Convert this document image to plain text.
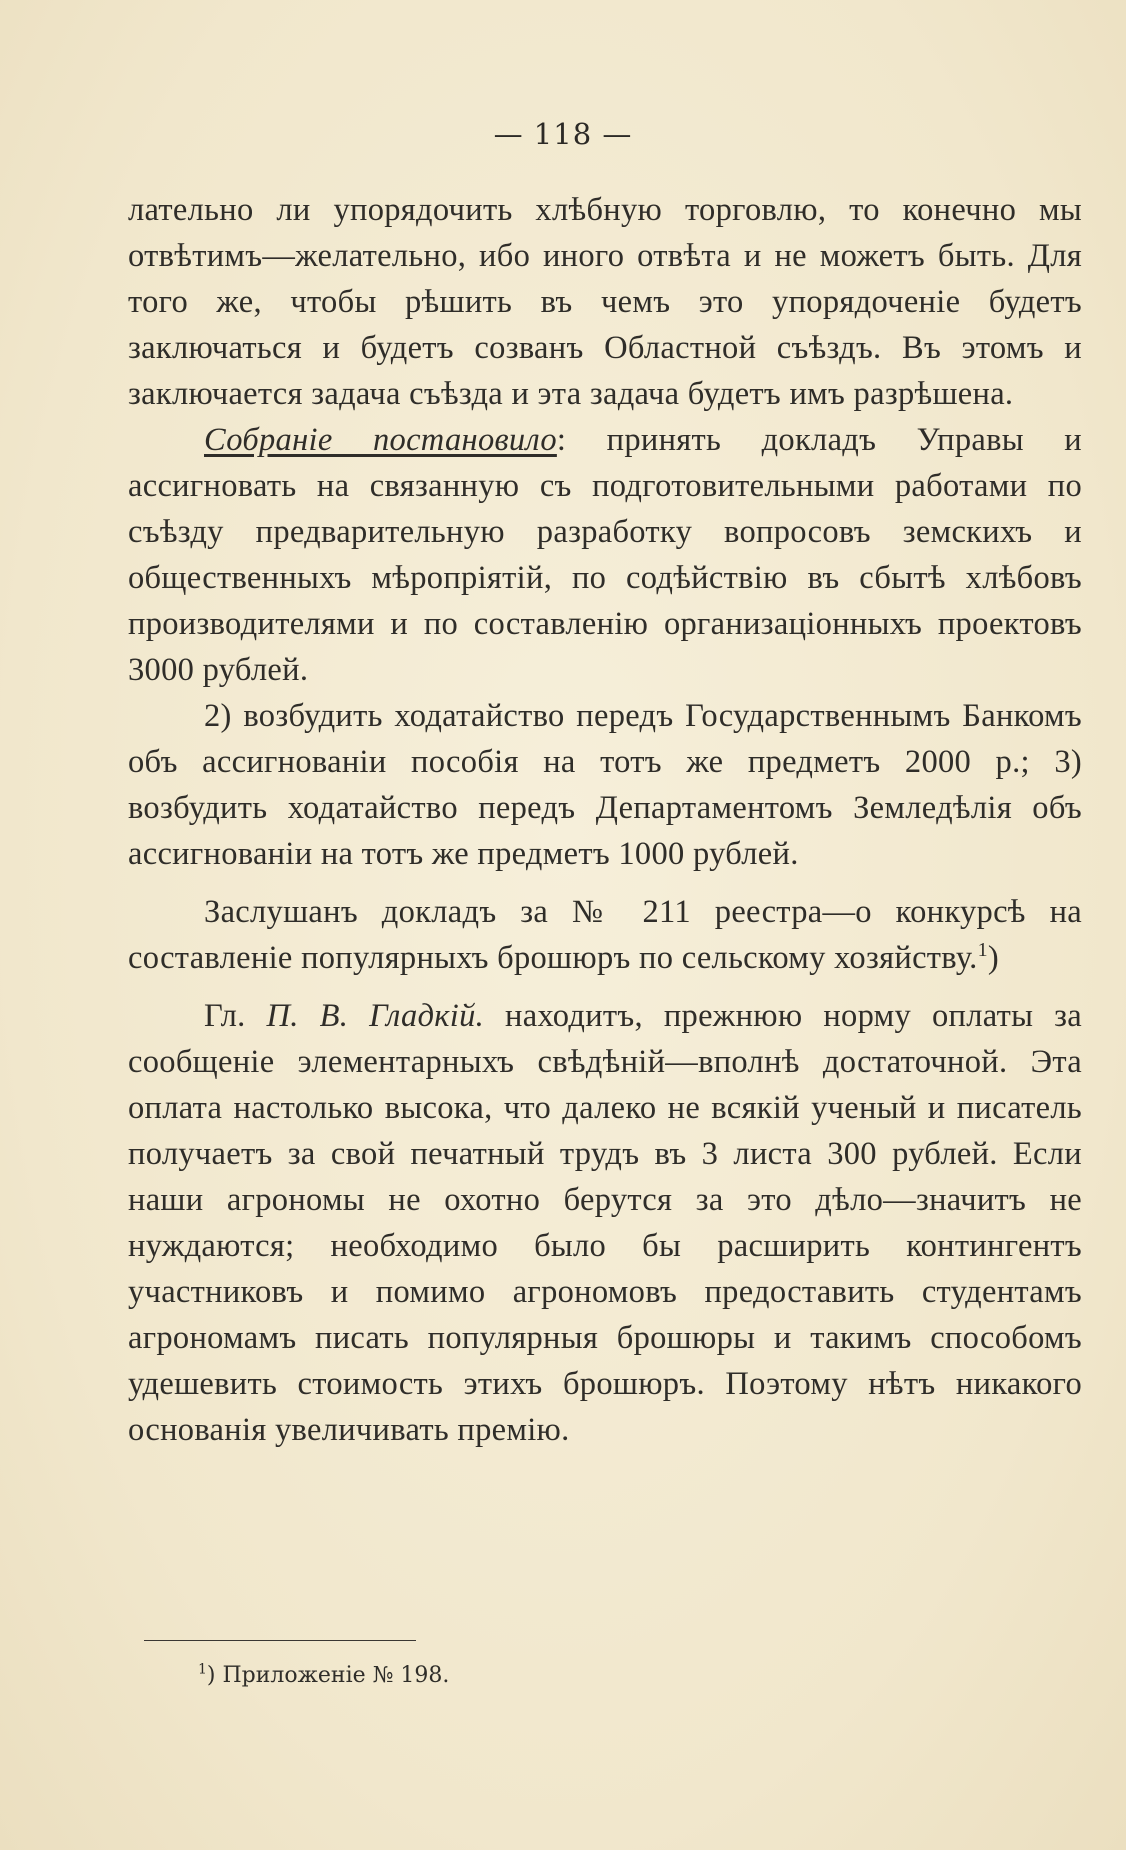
— 118 —

лательно ли упорядочить хлѣбную торговлю, то конечно мы отвѣтимъ—желательно, ибо иного отвѣта и не можетъ быть. Для того же, чтобы рѣшить въ чемъ это упорядоченіе будетъ заключаться и будетъ созванъ Областной съѣздъ. Въ этомъ и заключается задача съѣзда и эта задача будетъ имъ разрѣшена.

Собраніе постановило: принять докладъ Управы и ассигновать на связанную съ подготовительными работами по съѣзду предварительную разработку вопросовъ земскихъ и общественныхъ мѣропріятій, по содѣйствію въ сбытѣ хлѣбовъ производителями и по составленію организаціонныхъ проектовъ 3000 рублей.

2) возбудить ходатайство передъ Государственнымъ Банкомъ объ ассигнованіи пособія на тотъ же предметъ 2000 р.; 3) возбудить ходатайство передъ Департаментомъ Земледѣлія объ ассигнованіи на тотъ же предметъ 1000 рублей.

Заслушанъ докладъ за № 211 реестра—о конкурсѣ на составленіе популярныхъ брошюръ по сельскому хозяйству.$^1$)

Гл. П. В. Гладкій. находитъ, прежнюю норму оплаты за сообщеніе элементарныхъ свѣдѣній—вполнѣ достаточной. Эта оплата настолько высока, что далеко не всякій ученый и писатель получаетъ за свой печатный трудъ въ 3 листа 300 рублей. Если наши агрономы не охотно берутся за это дѣло—значитъ не нуждаются; необходимо было бы расширить контингентъ участниковъ и помимо агрономовъ предоставить студентамъ агрономамъ писать популярныя брошюры и такимъ способомъ удешевить стоимость этихъ брошюръ. Поэтому нѣтъ никакого основанія увеличивать премію.

$^1$) Приложеніе № 198.
